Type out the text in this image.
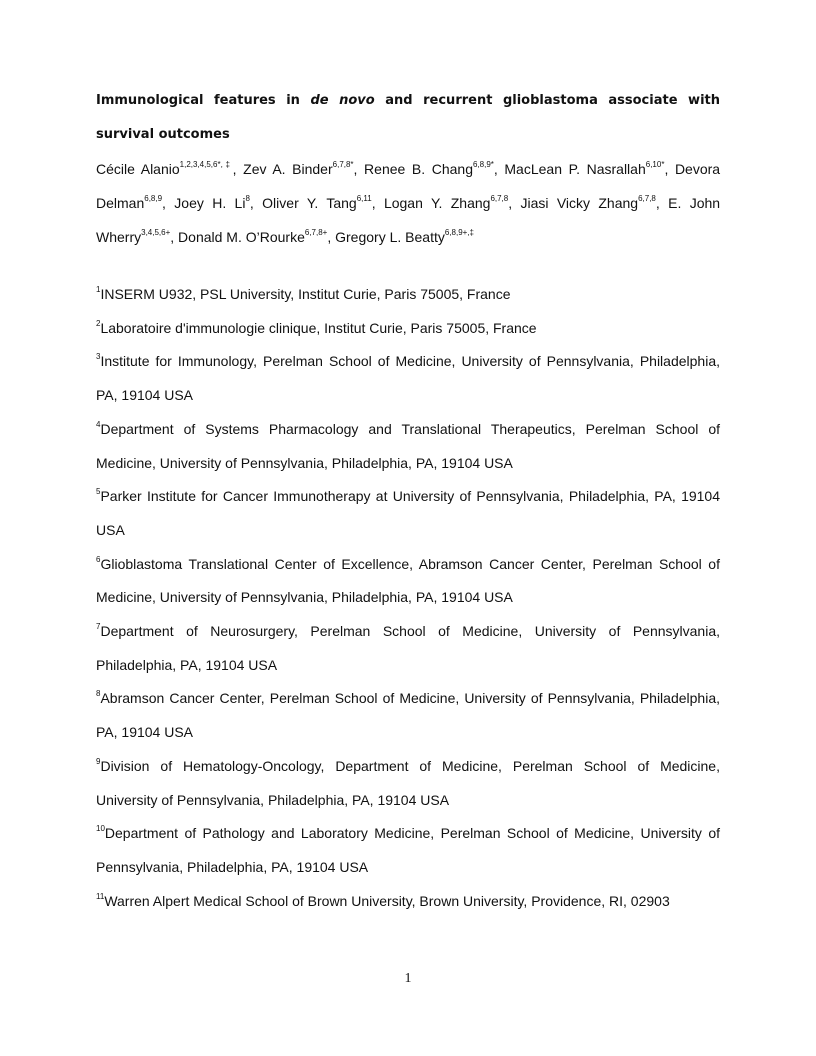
Immunological features in de novo and recurrent glioblastoma associate with survival outcomes

Cécile Alanio$^{1,2,3,4,5,6*,\ddagger}$, Zev A. Binder$^{6,7,8*}$, Renee B. Chang$^{6,8,9*}$, MacLean P. Nasrallah$^{6,10*}$, Devora Delman$^{6,8,9}$, Joey H. Li$^8$, Oliver Y. Tang$^{6,11}$, Logan Y. Zhang$^{6,7,8}$, Jiasi Vicky Zhang$^{6,7,8}$, E. John Wherry$^{3,4,5,6+}$, Donald M. O’Rourke$^{6,7,8+}$, Gregory L. Beatty$^{6,8,9+,\ddagger}$

$^1$INSERM U932, PSL University, Institut Curie, Paris 75005, France

$^2$Laboratoire d'immunologie clinique, Institut Curie, Paris 75005, France

$^3$Institute for Immunology, Perelman School of Medicine, University of Pennsylvania, Philadelphia, PA, 19104 USA

$^4$Department of Systems Pharmacology and Translational Therapeutics, Perelman School of Medicine, University of Pennsylvania, Philadelphia, PA, 19104 USA

$^5$Parker Institute for Cancer Immunotherapy at University of Pennsylvania, Philadelphia, PA, 19104 USA

$^6$Glioblastoma Translational Center of Excellence, Abramson Cancer Center, Perelman School of Medicine, University of Pennsylvania, Philadelphia, PA, 19104 USA

$^7$Department of Neurosurgery, Perelman School of Medicine, University of Pennsylvania, Philadelphia, PA, 19104 USA

$^8$Abramson Cancer Center, Perelman School of Medicine, University of Pennsylvania, Philadelphia, PA, 19104 USA

$^9$Division of Hematology-Oncology, Department of Medicine, Perelman School of Medicine, University of Pennsylvania, Philadelphia, PA, 19104 USA

$^{10}$Department of Pathology and Laboratory Medicine, Perelman School of Medicine, University of Pennsylvania, Philadelphia, PA, 19104 USA

$^{11}$Warren Alpert Medical School of Brown University, Brown University, Providence, RI, 02903

1
